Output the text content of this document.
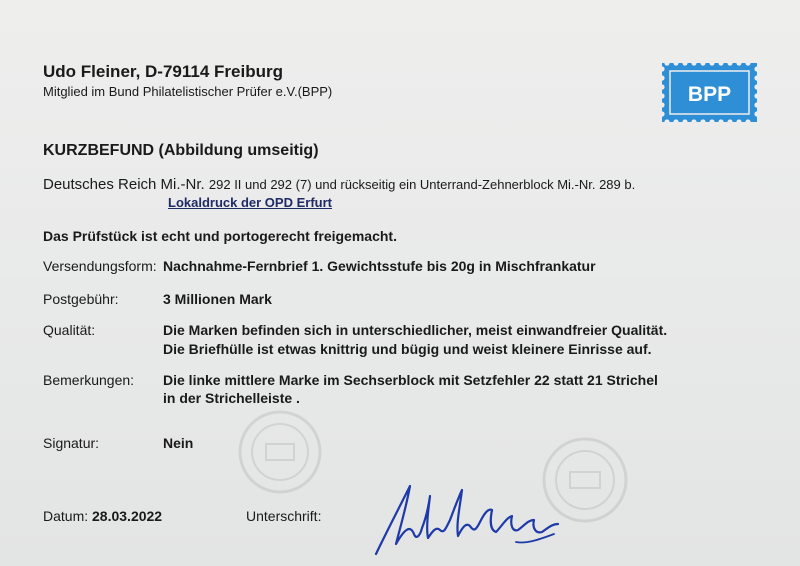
Udo Fleiner, D-79114 Freiburg
Mitglied im Bund Philatelistischer Prüfer e.V.(BPP)	BPP
KURZBEFUND (Abbildung umseitig)
Deutsches Reich Mi.-Nr. 292 II und 292 (7) und rückseitig ein Unterrand-Zehnerblock Mi.-Nr. 289 b.
Lokaldruck der OPD Erfurt
Das Prüfstück ist echt und portogerecht freigemacht.
Versendungsform: Nachnahme-Fernbrief 1. Gewichtsstufe bis 20g in Mischfrankatur
Postgebühr:	3 Millionen Mark
Qualität:	Die Marken befinden sich in unterschiedlicher, meist einwandfreier Qualität.
Die Briefhülle ist etwas knittrig und bügig und weist kleinere Einrisse auf.
Bemerkungen: Die linke mittlere Marke im Sechserblock mit Setzfehler 22 statt 21 Strichel
in der Strichelleiste .
Signatur:	Nein
Datum: 28.03.2022	Unterschrift:
